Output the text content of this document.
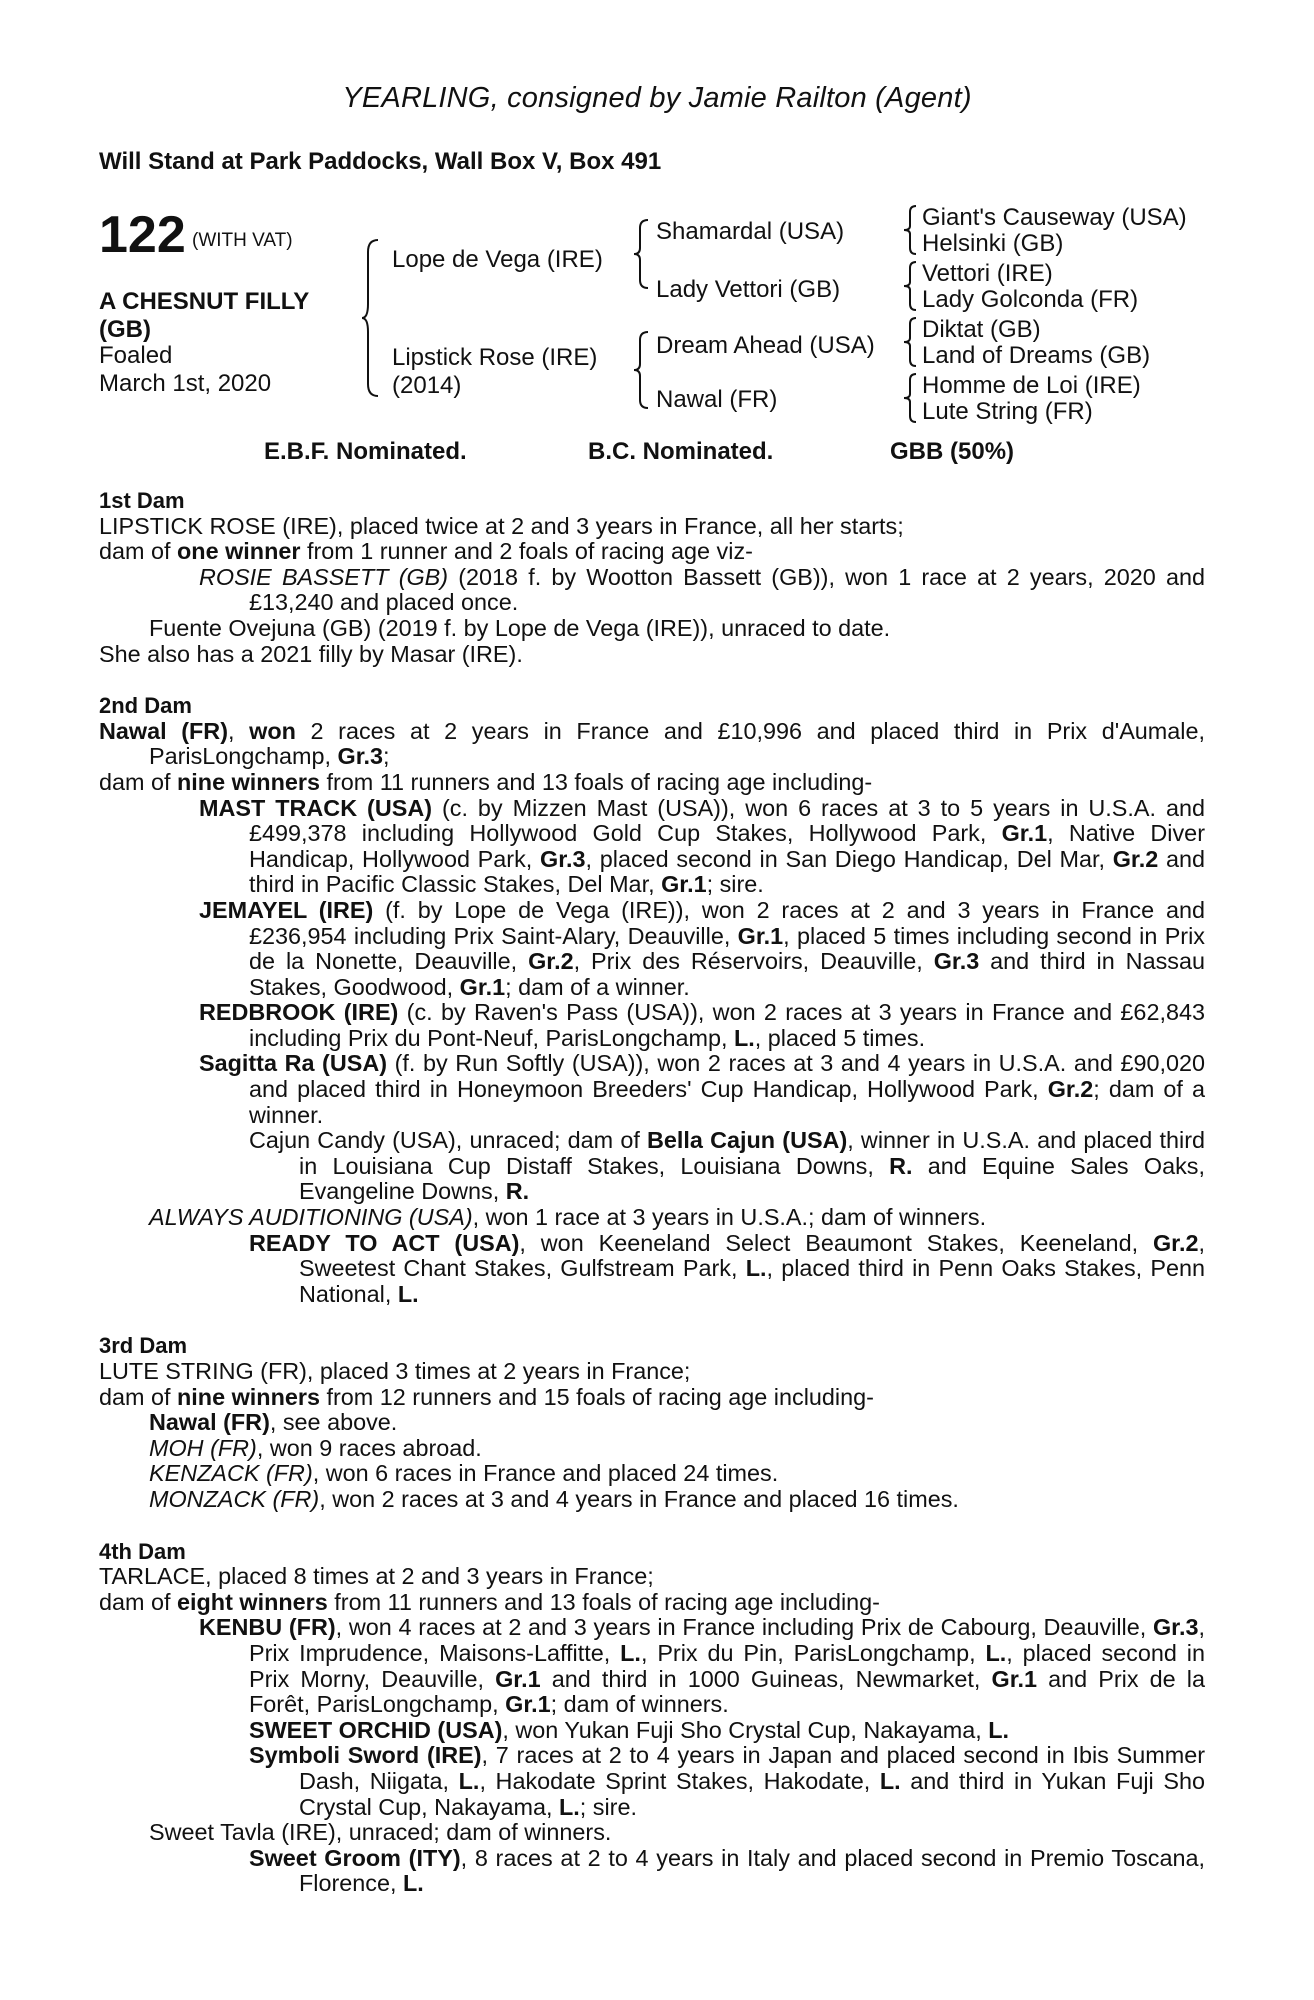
YEARLING, consigned by Jamie Railton (Agent)
Will Stand at Park Paddocks, Wall Box V, Box 491
122 (WITH VAT)
A CHESNUT FILLY
(GB)
Foaled
March 1st, 2020
Lope de Vega (IRE)
Lipstick Rose (IRE)
(2014)
Shamardal (USA)
Lady Vettori (GB)
Dream Ahead (USA)
Nawal (FR)
Giant's Causeway (USA)
Helsinki (GB)
Vettori (IRE)
Lady Golconda (FR)
Diktat (GB)
Land of Dreams (GB)
Homme de Loi (IRE)
Lute String (FR)
E.B.F. Nominated.	B.C. Nominated.	GBB (50%)
1st Dam
LIPSTICK ROSE (IRE), placed twice at 2 and 3 years in France, all her starts;
dam of one winner from 1 runner and 2 foals of racing age viz-
ROSIE BASSETT (GB) (2018 f. by Wootton Bassett (GB)), won 1 race at 2 years, 2020 and £13,240 and placed once.
Fuente Ovejuna (GB) (2019 f. by Lope de Vega (IRE)), unraced to date.
She also has a 2021 filly by Masar (IRE).
2nd Dam
Nawal (FR), won 2 races at 2 years in France and £10,996 and placed third in Prix d'Aumale, ParisLongchamp, Gr.3;
dam of nine winners from 11 runners and 13 foals of racing age including-
MAST TRACK (USA) (c. by Mizzen Mast (USA)), won 6 races at 3 to 5 years in U.S.A. and £499,378 including Hollywood Gold Cup Stakes, Hollywood Park, Gr.1, Native Diver Handicap, Hollywood Park, Gr.3, placed second in San Diego Handicap, Del Mar, Gr.2 and third in Pacific Classic Stakes, Del Mar, Gr.1; sire.
JEMAYEL (IRE) (f. by Lope de Vega (IRE)), won 2 races at 2 and 3 years in France and £236,954 including Prix Saint-Alary, Deauville, Gr.1, placed 5 times including second in Prix de la Nonette, Deauville, Gr.2, Prix des Réservoirs, Deauville, Gr.3 and third in Nassau Stakes, Goodwood, Gr.1; dam of a winner.
REDBROOK (IRE) (c. by Raven's Pass (USA)), won 2 races at 3 years in France and £62,843 including Prix du Pont-Neuf, ParisLongchamp, L., placed 5 times.
Sagitta Ra (USA) (f. by Run Softly (USA)), won 2 races at 3 and 4 years in U.S.A. and £90,020 and placed third in Honeymoon Breeders' Cup Handicap, Hollywood Park, Gr.2; dam of a winner.
Cajun Candy (USA), unraced; dam of Bella Cajun (USA), winner in U.S.A. and placed third in Louisiana Cup Distaff Stakes, Louisiana Downs, R. and Equine Sales Oaks, Evangeline Downs, R.
ALWAYS AUDITIONING (USA), won 1 race at 3 years in U.S.A.; dam of winners.
READY TO ACT (USA), won Keeneland Select Beaumont Stakes, Keeneland, Gr.2, Sweetest Chant Stakes, Gulfstream Park, L., placed third in Penn Oaks Stakes, Penn National, L.
3rd Dam
LUTE STRING (FR), placed 3 times at 2 years in France;
dam of nine winners from 12 runners and 15 foals of racing age including-
Nawal (FR), see above.
MOH (FR), won 9 races abroad.
KENZACK (FR), won 6 races in France and placed 24 times.
MONZACK (FR), won 2 races at 3 and 4 years in France and placed 16 times.
4th Dam
TARLACE, placed 8 times at 2 and 3 years in France;
dam of eight winners from 11 runners and 13 foals of racing age including-
KENBU (FR), won 4 races at 2 and 3 years in France including Prix de Cabourg, Deauville, Gr.3, Prix Imprudence, Maisons-Laffitte, L., Prix du Pin, ParisLongchamp, L., placed second in Prix Morny, Deauville, Gr.1 and third in 1000 Guineas, Newmarket, Gr.1 and Prix de la Forêt, ParisLongchamp, Gr.1; dam of winners.
SWEET ORCHID (USA), won Yukan Fuji Sho Crystal Cup, Nakayama, L.
Symboli Sword (IRE), 7 races at 2 to 4 years in Japan and placed second in Ibis Summer Dash, Niigata, L., Hakodate Sprint Stakes, Hakodate, L. and third in Yukan Fuji Sho Crystal Cup, Nakayama, L.; sire.
Sweet Tavla (IRE), unraced; dam of winners.
Sweet Groom (ITY), 8 races at 2 to 4 years in Italy and placed second in Premio Toscana, Florence, L.
